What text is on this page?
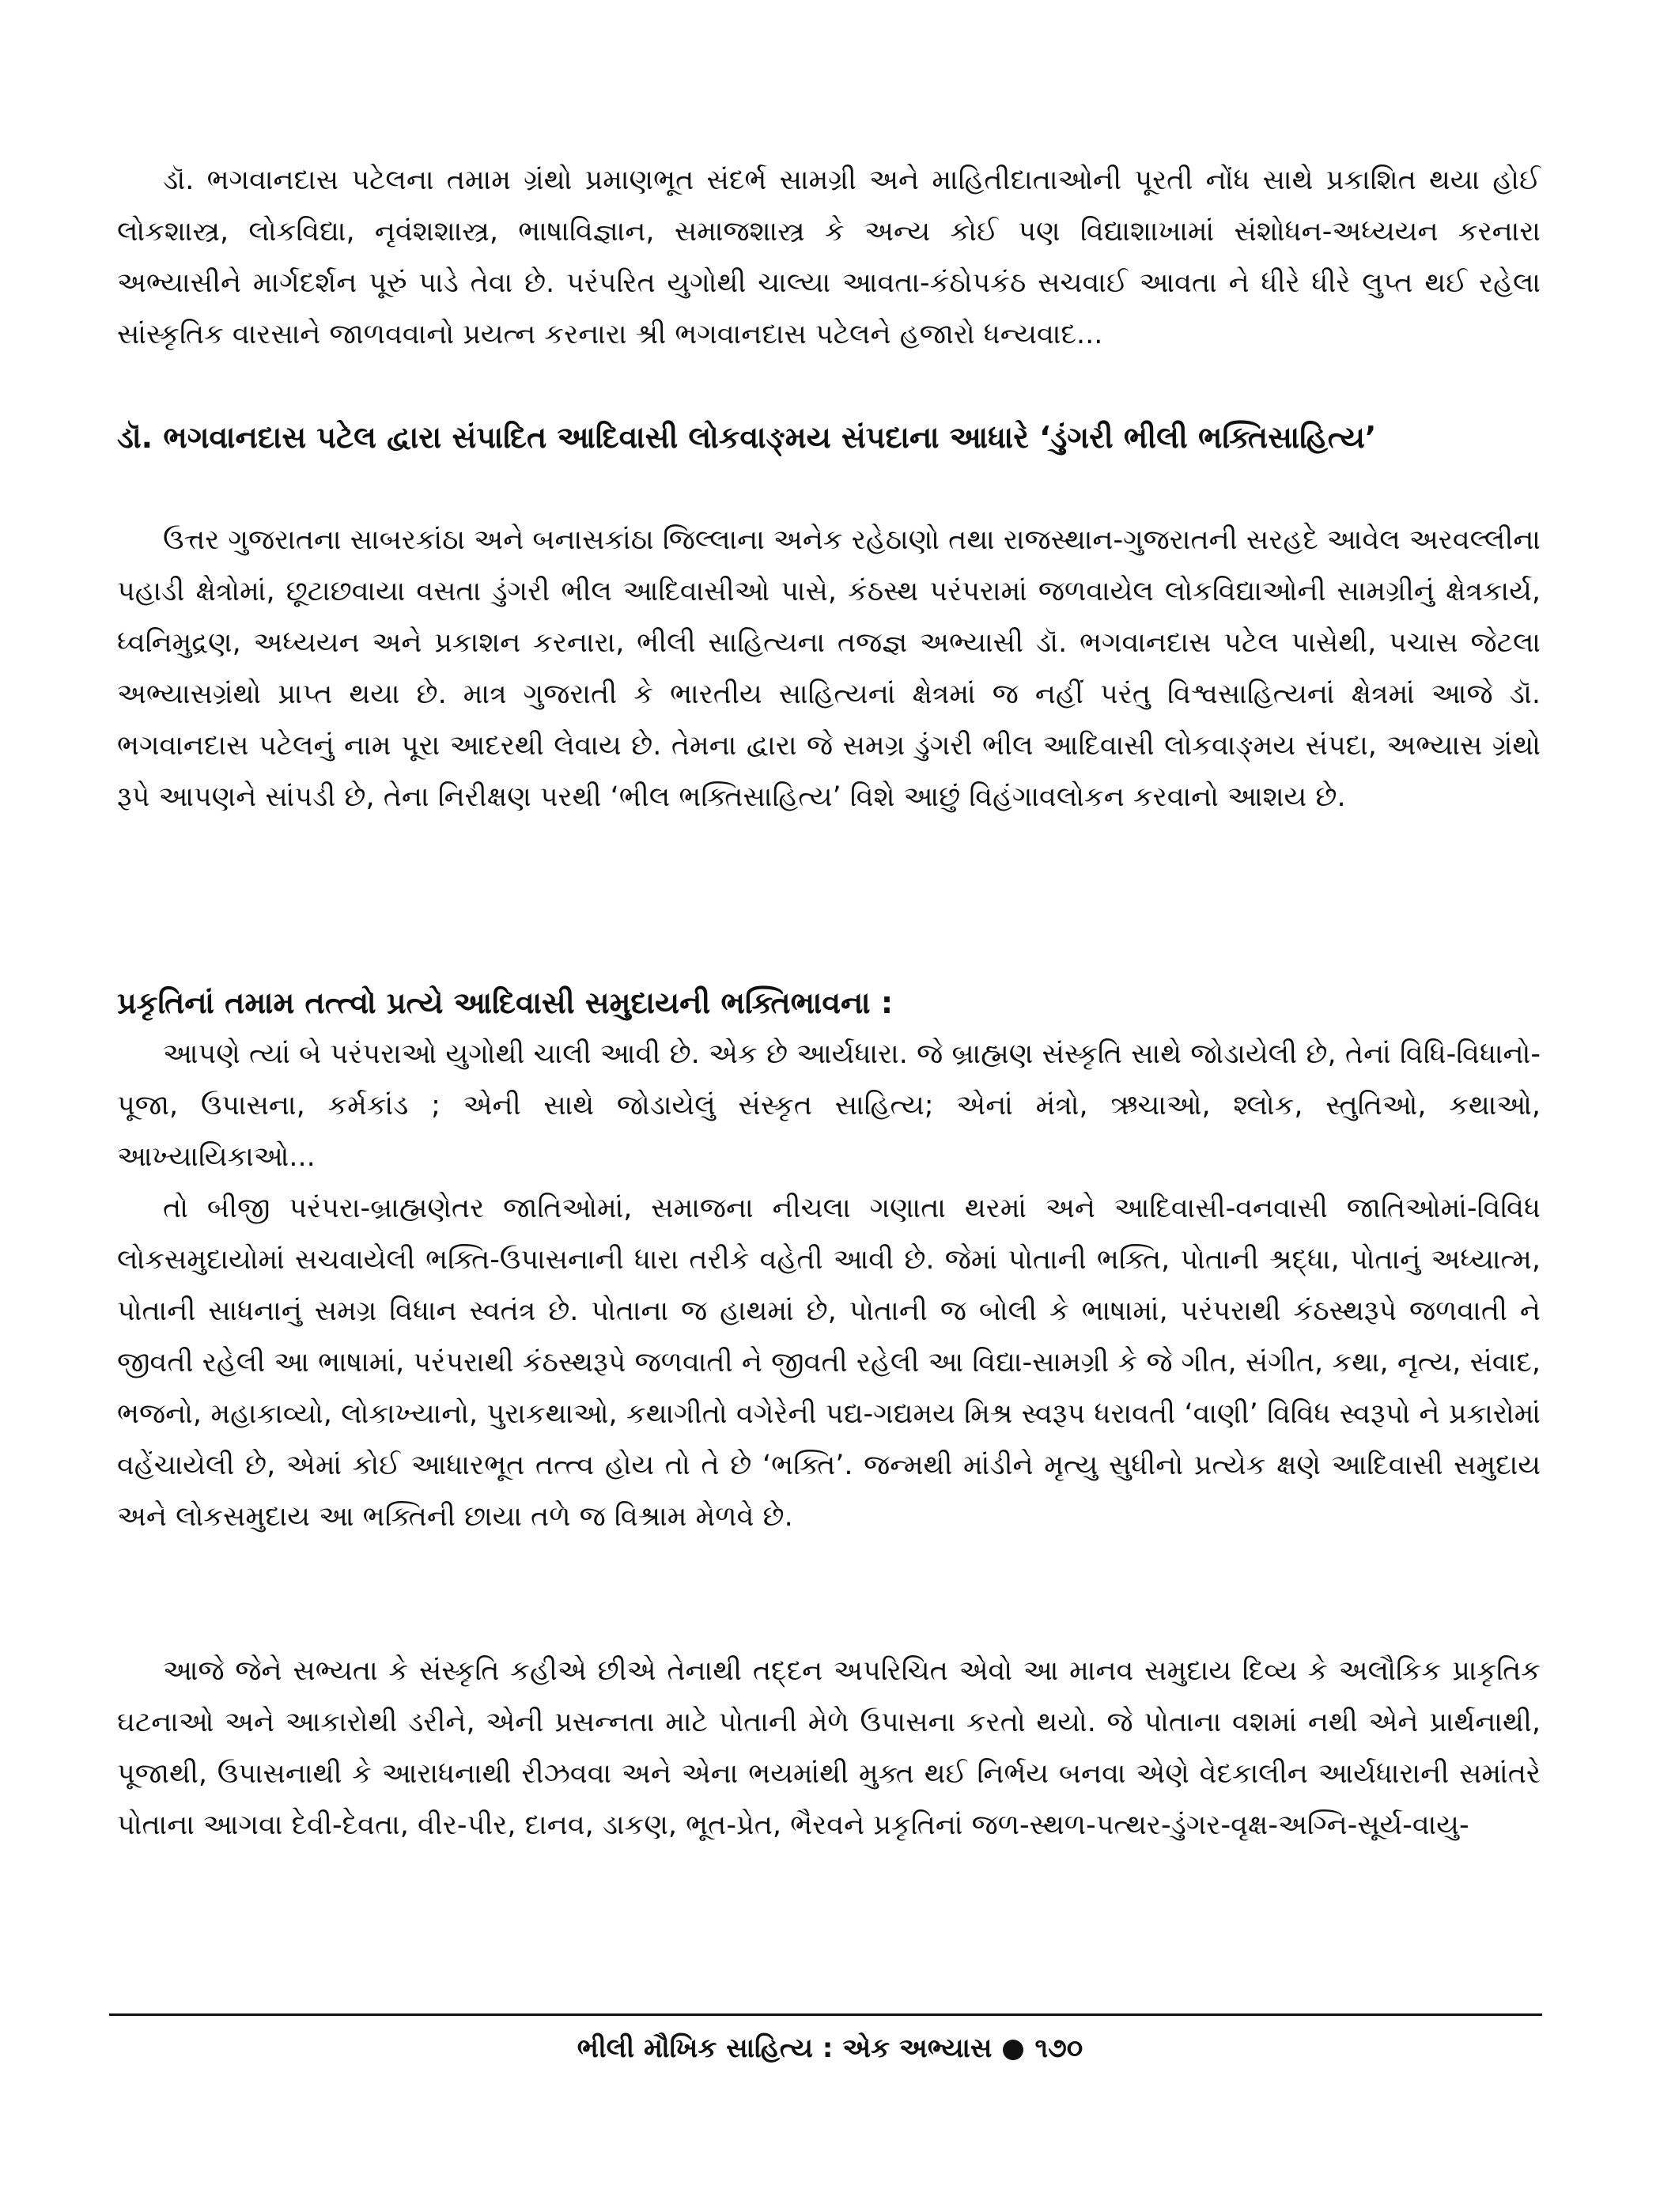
ડૉ. ભગવાનદાસ પટેલના તમામ ગ્રંથો પ્રમાણભૂત સંદર્ભ સામગ્રી અને માહિતીદાતાઓની પૂરતી નોંધ સાથે પ્રકાશિત થયા હોઈ લોકશાસ્ત્ર, લોકવિદ્યા, નૃવંશશાસ્ત્ર, ભાષાવિજ્ઞાન, સમાજશાસ્ત્ર કે અન્ય કોઈ પણ વિદ્યાશાખામાં સંશોધન-અધ્યયન કરનારા અભ્યાસીને માર્ગદર્શન પૂરું પાડે તેવા છે. પરંપરિત યુગોથી ચાલ્યા આવતા-કંઠોપકંઠ સચવાઈ આવતા ને ધીરે ધીરે લુપ્ત થઈ રહેલા સાંસ્કૃતિક વારસાને જાળવવાનો પ્રયત્ન કરનારા શ્રી ભગવાનદાસ પટેલને હજારો ધન્યવાદ...

ડૉ. ભગવાનદાસ પટેલ દ્વારા સંપાદિત આદિવાસી લોકવાઙ્મય સંપદાના આધારે ‘ડુંગરી ભીલી ભક્તિસાહિત્ય’

ઉત્તર ગુજરાતના સાબરકાંઠા અને બનાસકાંઠા જિલ્લાના અનેક રહેઠાણો તથા રાજસ્થાન-ગુજરાતની સરહદે આવેલ અરવલ્લીના પહાડી ક્ષેત્રોમાં, છૂટાછવાયા વસતા ડુંગરી ભીલ આદિવાસીઓ પાસે, કંઠસ્થ પરંપરામાં જળવાયેલ લોકવિદ્યાઓની સામગ્રીનું ક્ષેત્રકાર્ય, ધ્વનિમુદ્રણ, અધ્યયન અને પ્રકાશન કરનારા, ભીલી સાહિત્યના તજજ્ઞ અભ્યાસી ડૉ. ભગવાનદાસ પટેલ પાસેથી, પચાસ જેટલા અભ્યાસગ્રંથો પ્રાપ્ત થયા છે. માત્ર ગુજરાતી કે ભારતીય સાહિત્યનાં ક્ષેત્રમાં જ નહીં પરંતુ વિશ્વસાહિત્યનાં ક્ષેત્રમાં આજે ડૉ. ભગવાનદાસ પટેલનું નામ પૂરા આદરથી લેવાય છે. તેમના દ્વારા જે સમગ્ર ડુંગરી ભીલ આદિવાસી લોકવાઙ્મય સંપદા, અભ્યાસ ગ્રંથો રૂપે આપણને સાંપડી છે, તેના નિરીક્ષણ પરથી ‘ભીલ ભક્તિસાહિત્ય’ વિશે આછું વિહંગાવલોકન કરવાનો આશય છે.

પ્રકૃતિનાં તમામ તત્ત્વો પ્રત્યે આદિવાસી સમુદાયની ભક્તિભાવના :

આપણે ત્યાં બે પરંપરાઓ યુગોથી ચાલી આવી છે. એક છે આર્યધારા. જે બ્રાહ્મણ સંસ્કૃતિ સાથે જોડાયેલી છે, તેનાં વિધિ-વિધાનો-પૂજા, ઉપાસના, કર્મકાંડ ; એની સાથે જોડાયેલું સંસ્કૃત સાહિત્ય; એનાં મંત્રો, ઋચાઓ, શ્લોક, સ્તુતિઓ, કથાઓ, આખ્યાયિકાઓ...

તો બીજી પરંપરા-બ્રાહ્મણેતર જાતિઓમાં, સમાજના નીચલા ગણાતા થરમાં અને આદિવાસી-વનવાસી જાતિઓમાં-વિવિધ લોકસમુદાયોમાં સચવાયેલી ભક્તિ-ઉપાસનાની ધારા તરીકે વહેતી આવી છે. જેમાં પોતાની ભક્તિ, પોતાની શ્રદ્ધા, પોતાનું અધ્યાત્મ, પોતાની સાધનાનું સમગ્ર વિધાન સ્વતંત્ર છે. પોતાના જ હાથમાં છે, પોતાની જ બોલી કે ભાષામાં, પરંપરાથી કંઠસ્થરૂપે જળવાતી ને જીવતી રહેલી આ ભાષામાં, પરંપરાથી કંઠસ્થરૂપે જળવાતી ને જીવતી રહેલી આ વિદ્યા-સામગ્રી કે જે ગીત, સંગીત, કથા, નૃત્ય, સંવાદ, ભજનો, મહાકાવ્યો, લોકાખ્યાનો, પુરાકથાઓ, કથાગીતો વગેરેની પદ્ય-ગદ્યમય મિશ્ર સ્વરૂપ ધરાવતી ‘વાણી’ વિવિધ સ્વરૂપો ને પ્રકારોમાં વહેંચાયેલી છે, એમાં કોઈ આધારભૂત તત્ત્વ હોય તો તે છે ‘ભક્તિ’. જન્મથી માંડીને મૃત્યુ સુધીનો પ્રત્યેક ક્ષણે આદિવાસી સમુદાય અને લોકસમુદાય આ ભક્તિની છાયા તળે જ વિશ્રામ મેળવે છે.

આજે જેને સભ્યતા કે સંસ્કૃતિ કહીએ છીએ તેનાથી તદ્દન અપરિચિત એવો આ માનવ સમુદાય દિવ્ય કે અલૌકિક પ્રાકૃતિક ઘટનાઓ અને આકારોથી ડરીને, એની પ્રસન્નતા માટે પોતાની મેળે ઉપાસના કરતો થયો. જે પોતાના વશમાં નથી એને પ્રાર્થનાથી, પૂજાથી, ઉપાસનાથી કે આરાધનાથી રીઝવવા અને એના ભયમાંથી મુક્ત થઈ નિર્ભય બનવા એણે વેદકાલીન આર્યધારાની સમાંતરે પોતાના આગવા દેવી-દેવતા, વીર-પીર, દાનવ, ડાકણ, ભૂત-પ્રેત, ભૈરવને પ્રકૃતિનાં જળ-સ્થળ-પત્થર-ડુંગર-વૃક્ષ-અગ્નિ-સૂર્ય-વાયુ-

ભીલી મૌખિક સાહિત્ય : એક અભ્યાસ ૧૭૦
